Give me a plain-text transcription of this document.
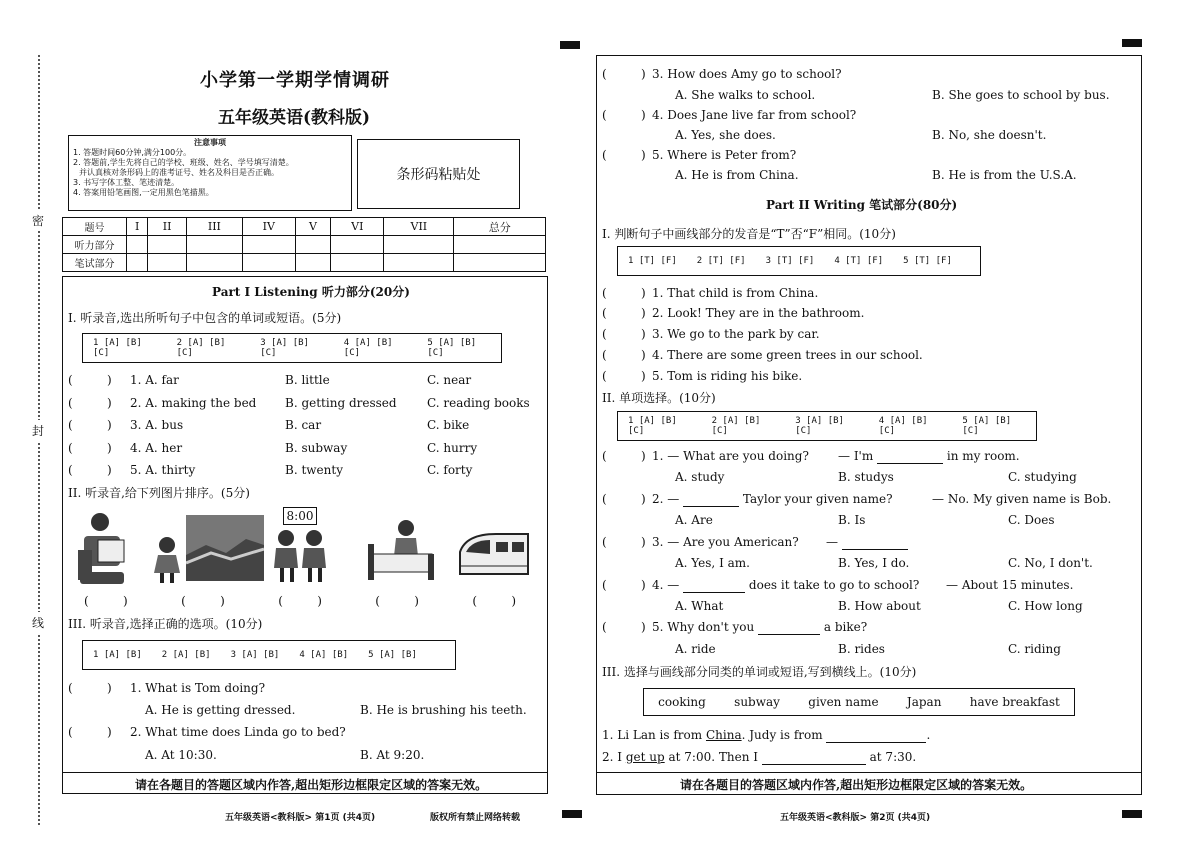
密
封
线
小学第一学期学情调研
五年级英语(教科版)
注意事项
1. 答题时间60分钟,满分100分。
2. 答题前,学生先将自己的学校、班级、姓名、学号填写清楚。
并认真核对条形码上的准考证号、姓名及科目是否正确。
3. 书写字体工整、笔迹清楚。
4. 答案用铅笔画图,一定用黑色笔描黑。
条形码粘贴处
题号	I	II	III	IV	V	VI	VII	总分
听力部分								
笔试部分								
Part I Listening 听力部分(20分)
I. 听录音,选出所听句子中包含的单词或短语。(5分)
1 [A] [B] [C]
2 [A] [B] [C]
3 [A] [B] [C]
4 [A] [B] [C]
5 [A] [B] [C]
(         ) 1. A. far	B. little	C. near
(         ) 2. A. making the bed B. getting dressed	C. reading books
(         ) 3. A. bus	B. car	C. bike
(         ) 4. A. her	B. subway	C. hurry
(         ) 5. A. thirty	B. twenty	C. forty
II. 听录音,给下列图片排序。(5分)
8:00
(         )              (         )              (         )              (         )              (         )
III. 听录音,选择正确的选项。(10分)
1 [A] [B] 2 [A] [B] 3 [A] [B] 4 [A] [B] 5 [A] [B]
(         ) 1. What is Tom doing?
A. He is getting dressed.	B. He is brushing his teeth.
(         ) 2. What time does Linda go to bed?
A. At 10:30.	B. At 9:20.
请在各题目的答题区域内作答,超出矩形边框限定区域的答案无效。
五年级英语<教科版> 第1页 (共4页)	版权所有禁止网络转载
(         ) 3. How does Amy go to school?
A. She walks to school.	B. She goes to school by bus.
(         ) 4. Does Jane live far from school?
A. Yes, she does.	B. No, she doesn't.
(         ) 5. Where is Peter from?
A. He is from China.	B. He is from the U.S.A.
Part II Writing 笔试部分(80分)
I. 判断句子中画线部分的发音是“T”否“F”相同。(10分)
1 [T] [F] 2 [T] [F] 3 [T] [F] 4 [T] [F] 5 [T] [F]
(         ) 1. That child is from China.
(         ) 2. Look! They are in the bathroom.
(         ) 3. We go to the park by car.
(         ) 4. There are some green trees in our school.
(         ) 5. Tom is riding his bike.
II. 单项选择。(10分)
1 [A] [B] [C]
2 [A] [B] [C]
3 [A] [B] [C]
4 [A] [B] [C]
5 [A] [B] [C]
(         ) 1. — What are you doing? — I'm	in my room.
A. study	B. studys	C. studying
(         ) 2. —	Taylor your given name?	— No. My given name is Bob.
A. Are	B. Is	C. Does
(         ) 3. — Are you American? —
A. Yes, I am.	B. Yes, I do.	C. No, I don't.
(         ) 4. —	does it take to go to school? — About 15 minutes.
A. What	B. How about	C. How long
(         ) 5. Why don't you	a bike?
A. ride	B. rides	C. riding
III. 选择与画线部分同类的单词或短语,写到横线上。(10分)
cooking subway given name Japan have breakfast
1. Li Lan is from China. Judy is from	.
2. I get up at 7:00. Then I	at 7:30.
请在各题目的答题区域内作答,超出矩形边框限定区域的答案无效。
五年级英语<教科版> 第2页 (共4页)
